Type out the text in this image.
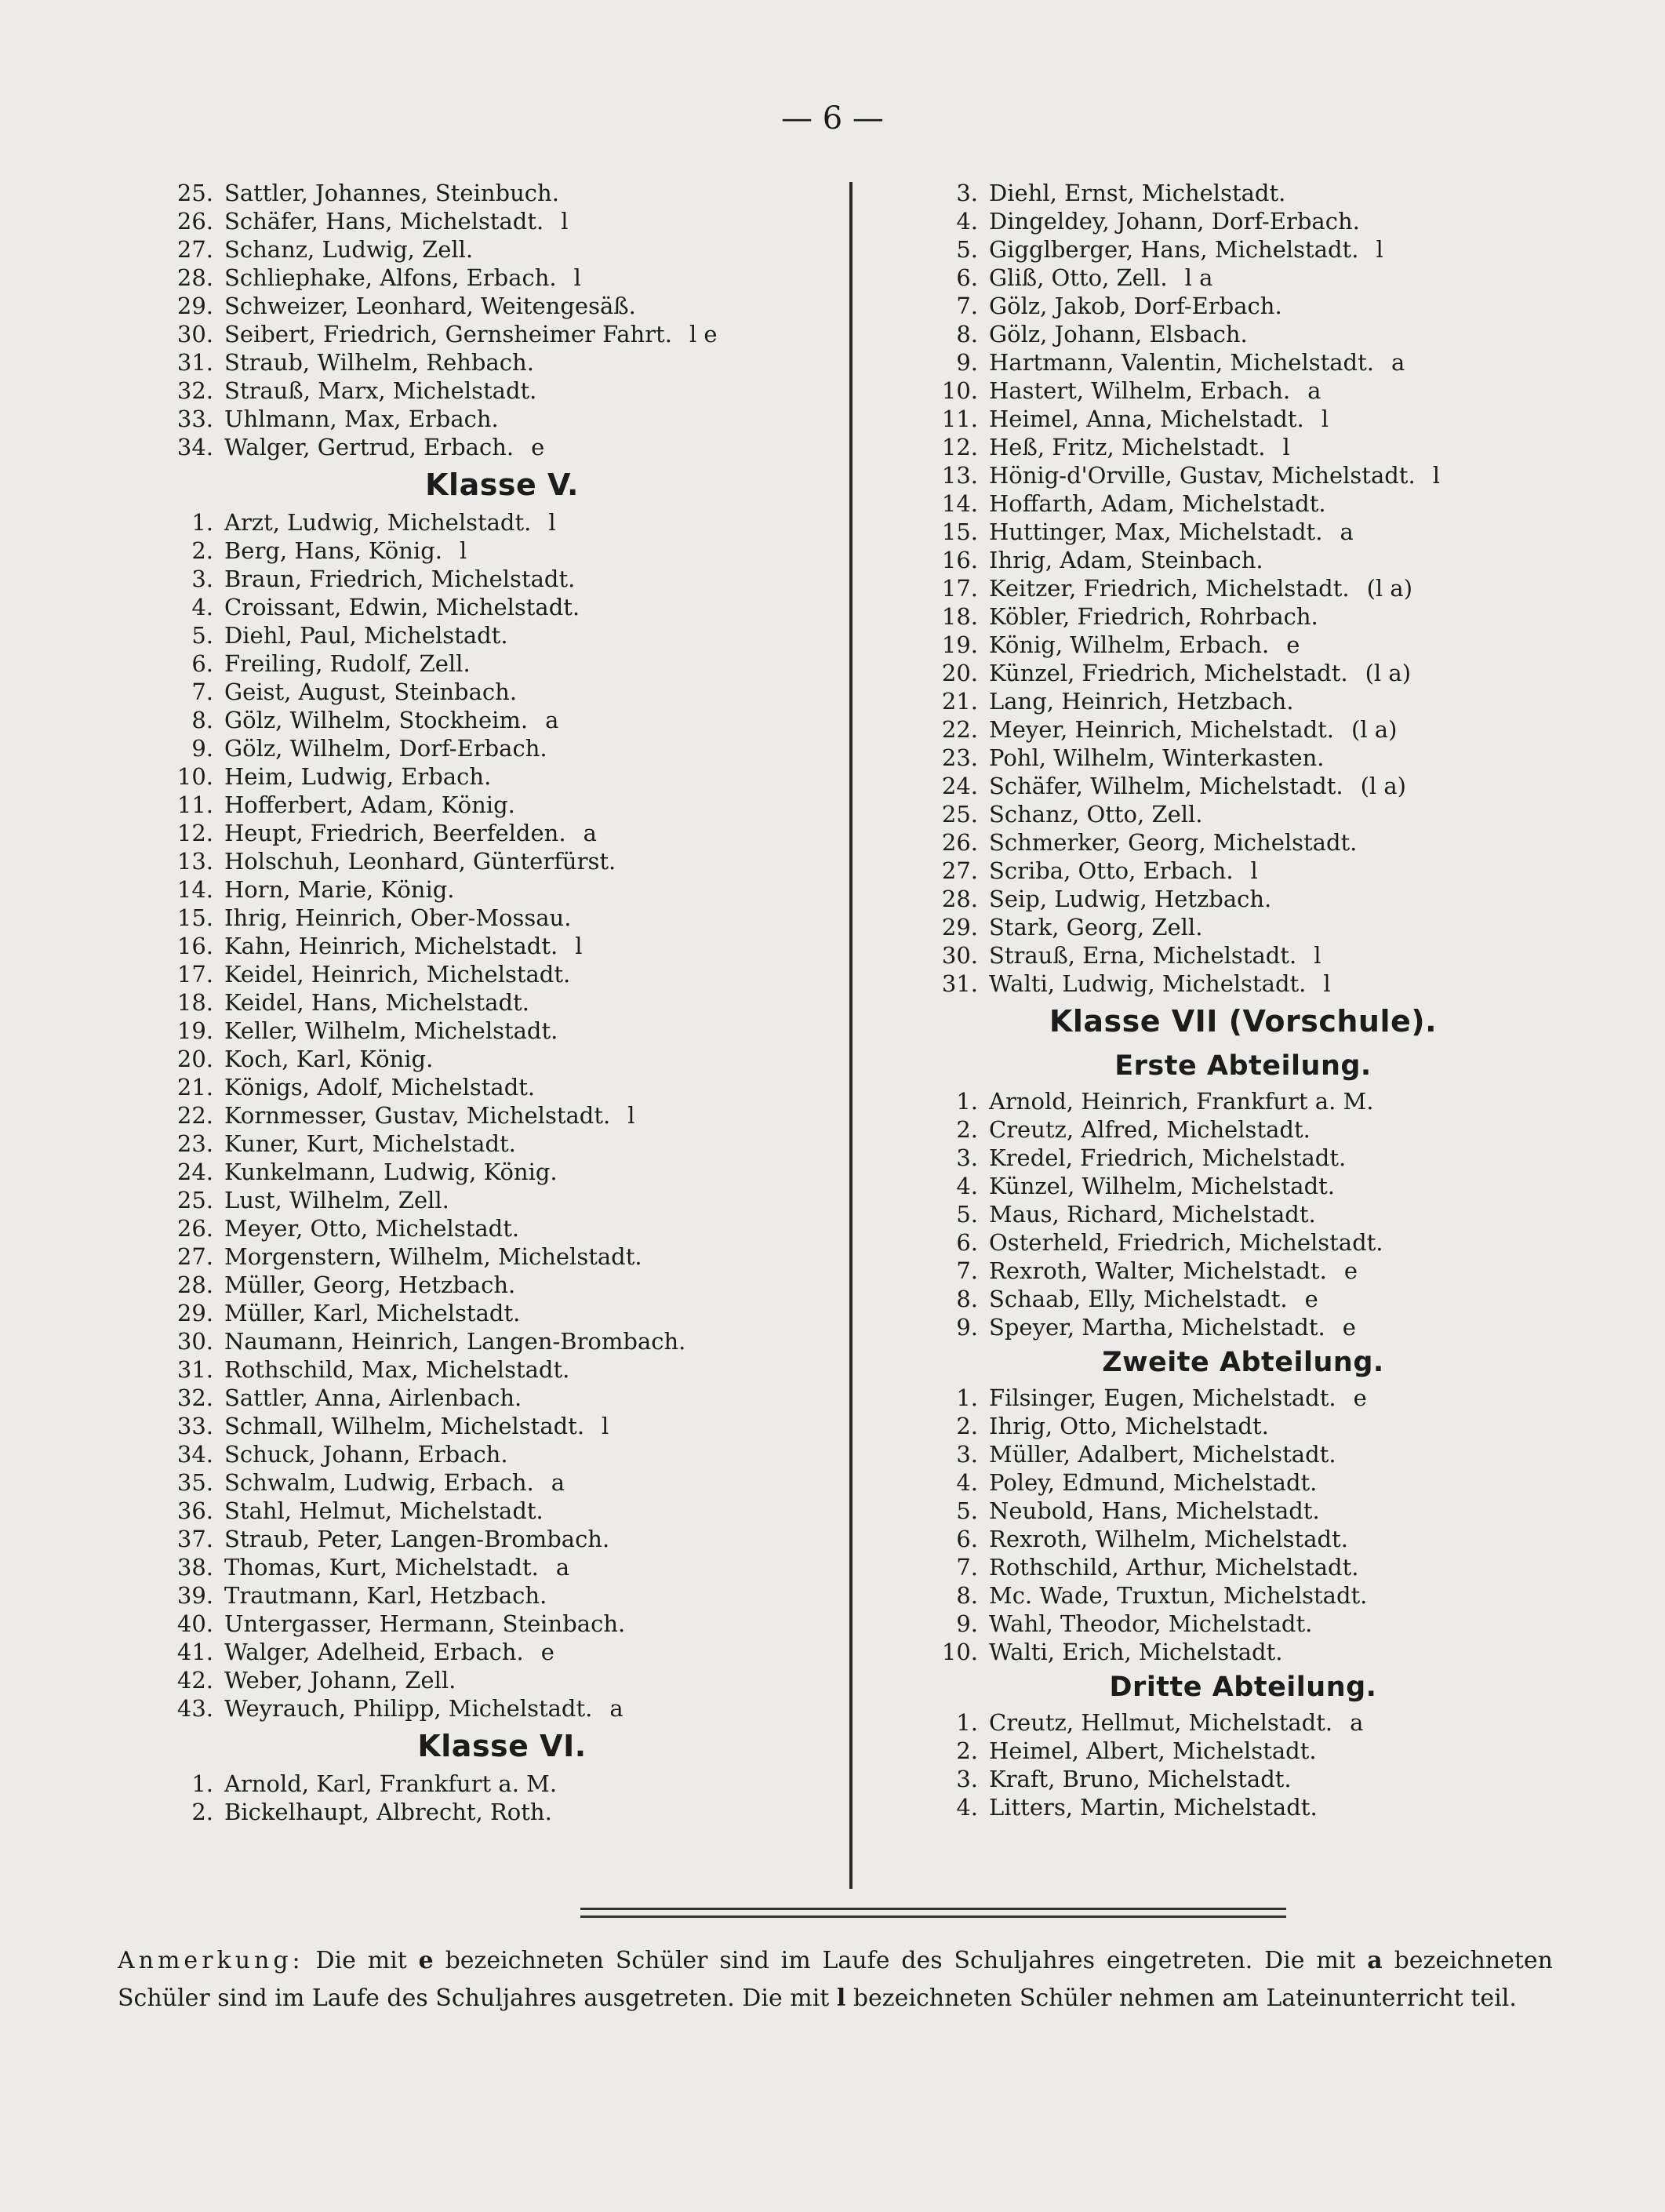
— 6 —
25. Sattler, Johannes, Steinbuch.
26. Schäfer, Hans, Michelstadt. l
27. Schanz, Ludwig, Zell.
28. Schliephake, Alfons, Erbach. l
29. Schweizer, Leonhard, Weitengesäß.
30. Seibert, Friedrich, Gernsheimer Fahrt. l e
31. Straub, Wilhelm, Rehbach.
32. Strauß, Marx, Michelstadt.
33. Uhlmann, Max, Erbach.
34. Walger, Gertrud, Erbach. e
Klasse V.
1. Arzt, Ludwig, Michelstadt. l
2. Berg, Hans, König. l
3. Braun, Friedrich, Michelstadt.
4. Croissant, Edwin, Michelstadt.
5. Diehl, Paul, Michelstadt.
6. Freiling, Rudolf, Zell.
7. Geist, August, Steinbach.
8. Gölz, Wilhelm, Stockheim. a
9. Gölz, Wilhelm, Dorf-Erbach.
10. Heim, Ludwig, Erbach.
11. Hofferbert, Adam, König.
12. Heupt, Friedrich, Beerfelden. a
13. Holschuh, Leonhard, Günterfürst.
14. Horn, Marie, König.
15. Ihrig, Heinrich, Ober-Mossau.
16. Kahn, Heinrich, Michelstadt. l
17. Keidel, Heinrich, Michelstadt.
18. Keidel, Hans, Michelstadt.
19. Keller, Wilhelm, Michelstadt.
20. Koch, Karl, König.
21. Königs, Adolf, Michelstadt.
22. Kornmesser, Gustav, Michelstadt. l
23. Kuner, Kurt, Michelstadt.
24. Kunkelmann, Ludwig, König.
25. Lust, Wilhelm, Zell.
26. Meyer, Otto, Michelstadt.
27. Morgenstern, Wilhelm, Michelstadt.
28. Müller, Georg, Hetzbach.
29. Müller, Karl, Michelstadt.
30. Naumann, Heinrich, Langen-Brombach.
31. Rothschild, Max, Michelstadt.
32. Sattler, Anna, Airlenbach.
33. Schmall, Wilhelm, Michelstadt. l
34. Schuck, Johann, Erbach.
35. Schwalm, Ludwig, Erbach. a
36. Stahl, Helmut, Michelstadt.
37. Straub, Peter, Langen-Brombach.
38. Thomas, Kurt, Michelstadt. a
39. Trautmann, Karl, Hetzbach.
40. Untergasser, Hermann, Steinbach.
41. Walger, Adelheid, Erbach. e
42. Weber, Johann, Zell.
43. Weyrauch, Philipp, Michelstadt. a
Klasse VI.
1. Arnold, Karl, Frankfurt a. M.
2. Bickelhaupt, Albrecht, Roth.
3. Diehl, Ernst, Michelstadt.
4. Dingeldey, Johann, Dorf-Erbach.
5. Gigglberger, Hans, Michelstadt. l
6. Gliß, Otto, Zell. l a
7. Gölz, Jakob, Dorf-Erbach.
8. Gölz, Johann, Elsbach.
9. Hartmann, Valentin, Michelstadt. a
10. Hastert, Wilhelm, Erbach. a
11. Heimel, Anna, Michelstadt. l
12. Heß, Fritz, Michelstadt. l
13. Hönig-d'Orville, Gustav, Michelstadt. l
14. Hoffarth, Adam, Michelstadt.
15. Huttinger, Max, Michelstadt. a
16. Ihrig, Adam, Steinbach.
17. Keitzer, Friedrich, Michelstadt. (l a)
18. Köbler, Friedrich, Rohrbach.
19. König, Wilhelm, Erbach. e
20. Künzel, Friedrich, Michelstadt. (l a)
21. Lang, Heinrich, Hetzbach.
22. Meyer, Heinrich, Michelstadt. (l a)
23. Pohl, Wilhelm, Winterkasten.
24. Schäfer, Wilhelm, Michelstadt. (l a)
25. Schanz, Otto, Zell.
26. Schmerker, Georg, Michelstadt.
27. Scriba, Otto, Erbach. l
28. Seip, Ludwig, Hetzbach.
29. Stark, Georg, Zell.
30. Strauß, Erna, Michelstadt. l
31. Walti, Ludwig, Michelstadt. l
Klasse VII (Vorschule).
Erste Abteilung.
1. Arnold, Heinrich, Frankfurt a. M.
2. Creutz, Alfred, Michelstadt.
3. Kredel, Friedrich, Michelstadt.
4. Künzel, Wilhelm, Michelstadt.
5. Maus, Richard, Michelstadt.
6. Osterheld, Friedrich, Michelstadt.
7. Rexroth, Walter, Michelstadt. e
8. Schaab, Elly, Michelstadt. e
9. Speyer, Martha, Michelstadt. e
Zweite Abteilung.
1. Filsinger, Eugen, Michelstadt. e
2. Ihrig, Otto, Michelstadt.
3. Müller, Adalbert, Michelstadt.
4. Poley, Edmund, Michelstadt.
5. Neubold, Hans, Michelstadt.
6. Rexroth, Wilhelm, Michelstadt.
7. Rothschild, Arthur, Michelstadt.
8. Mc. Wade, Truxtun, Michelstadt.
9. Wahl, Theodor, Michelstadt.
10. Walti, Erich, Michelstadt.
Dritte Abteilung.
1. Creutz, Hellmut, Michelstadt. a
2. Heimel, Albert, Michelstadt.
3. Kraft, Bruno, Michelstadt.
4. Litters, Martin, Michelstadt.
Anmerkung: Die mit e bezeichneten Schüler sind im Laufe des Schuljahres eingetreten. Die mit a bezeichneten Schüler sind im Laufe des Schuljahres ausgetreten. Die mit l bezeichneten Schüler nehmen am Lateinunterricht teil.
